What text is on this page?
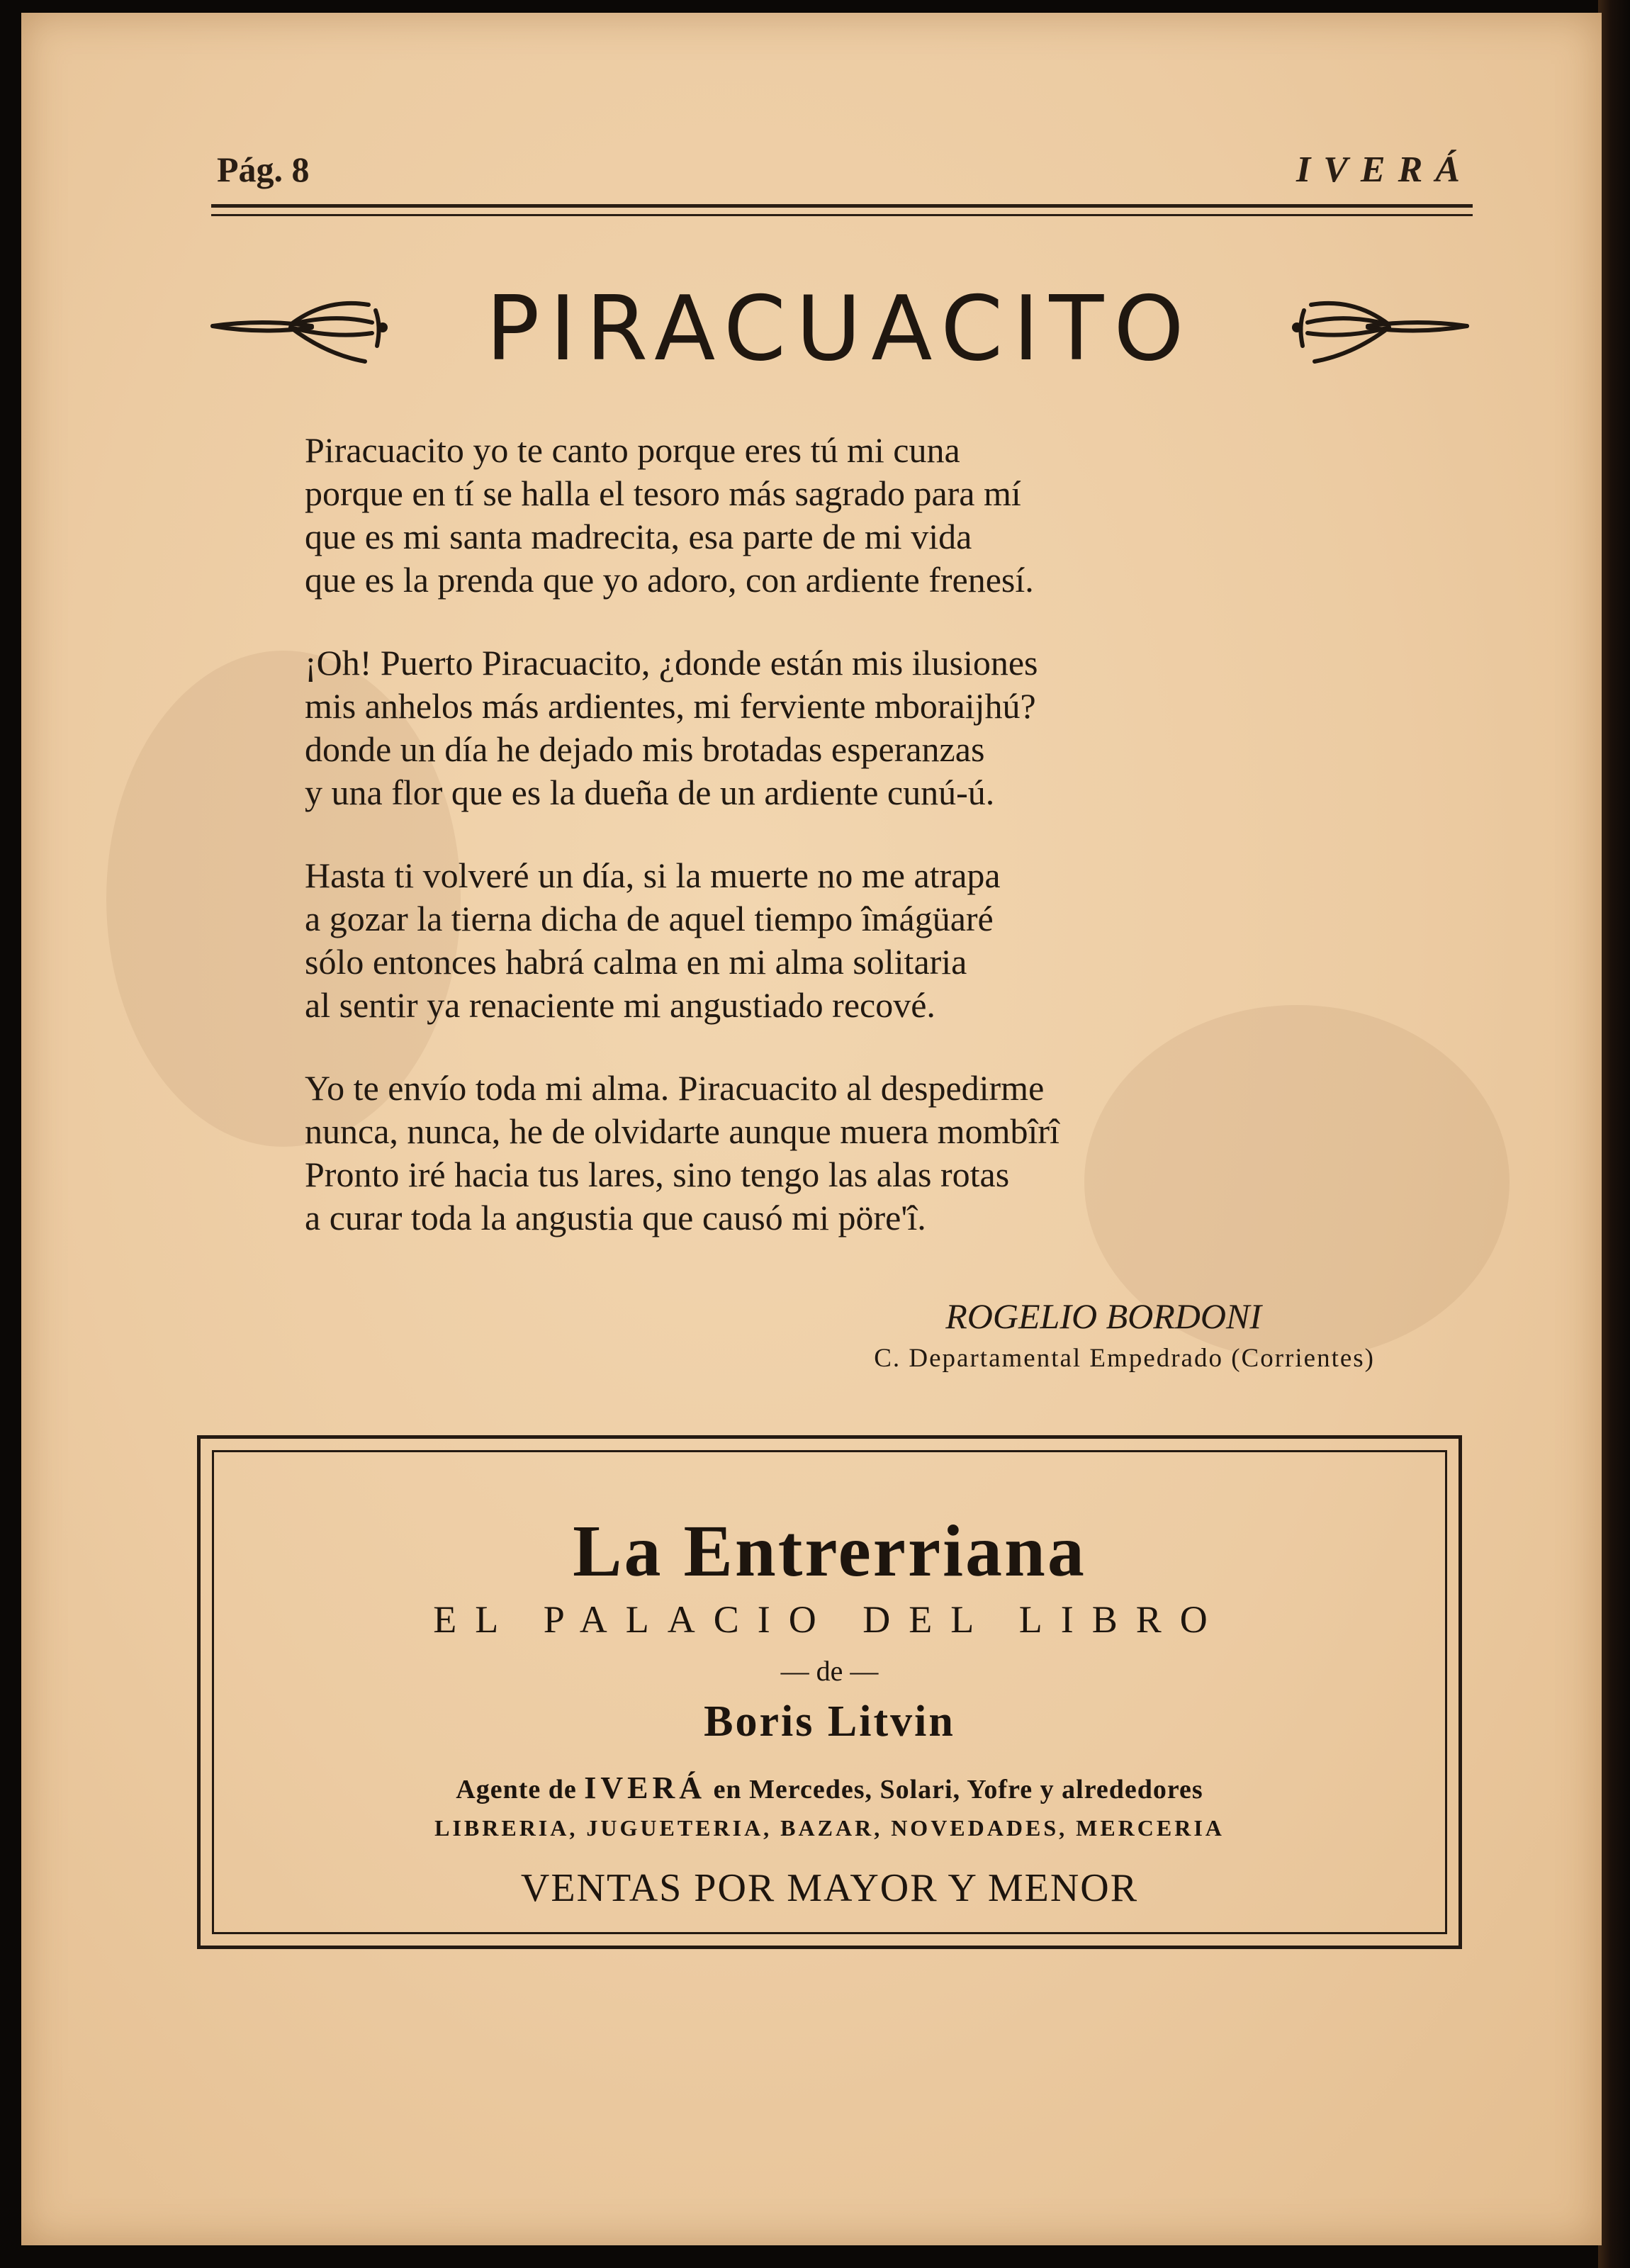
Pág. 8	IVERÁ
PIRACUACITO
Piracuacito yo te canto porque eres tú mi cuna
porque en tí se halla el tesoro más sagrado para mí
que es mi santa madrecita, esa parte de mi vida
que es la prenda que yo adoro, con ardiente frenesí.
¡Oh! Puerto Piracuacito, ¿donde están mis ilusiones
mis anhelos más ardientes, mi ferviente mboraijhú?
donde un día he dejado mis brotadas esperanzas
y una flor que es la dueña de un ardiente cunú-ú.
Hasta ti volveré un día, si la muerte no me atrapa
a gozar la tierna dicha de aquel tiempo îmágüaré
sólo entonces habrá calma en mi alma solitaria
al sentir ya renaciente mi angustiado recové.
Yo te envío toda mi alma. Piracuacito al despedirme
nunca, nunca, he de olvidarte aunque muera mombîrî
Pronto iré hacia tus lares, sino tengo las alas rotas
a curar toda la angustia que causó mi pöre'î.
ROGELIO BORDONI
C. Departamental Empedrado (Corrientes)
La Entrerriana
EL PALACIO DEL LIBRO
— de —
Boris Litvin
Agente de IVERÁ en Mercedes, Solari, Yofre y alrededores
LIBRERIA, JUGUETERIA, BAZAR, NOVEDADES, MERCERIA
VENTAS POR MAYOR Y MENOR
